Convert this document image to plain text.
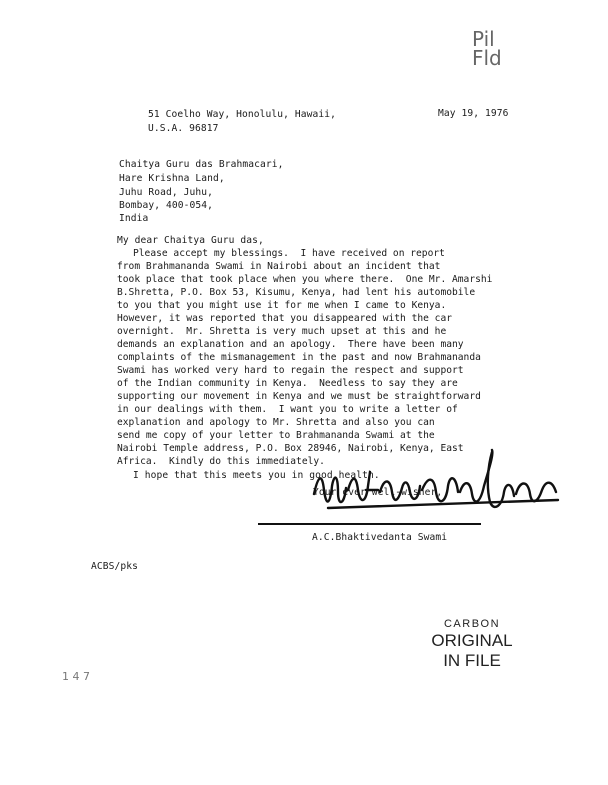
Pil
Fld
51 Coelho Way, Honolulu, Hawaii,
U.S.A. 96817
May 19, 1976
Chaitya Guru das Brahmacari,
Hare Krishna Land,
Juhu Road, Juhu,
Bombay, 400-054,
India
My dear Chaitya Guru das,
Please accept my blessings.  I have received on report
from Brahmananda Swami in Nairobi about an incident that
took place that took place when you where there.  One Mr. Amarshi
B.Shretta, P.O. Box 53, Kisumu, Kenya, had lent his automobile
to you that you might use it for me when I came to Kenya.
However, it was reported that you disappeared with the car
overnight.  Mr. Shretta is very much upset at this and he
demands an explanation and an apology.  There have been many
complaints of the mismanagement in the past and now Brahmananda
Swami has worked very hard to regain the respect and support
of the Indian community in Kenya.  Needless to say they are
supporting our movement in Kenya and we must be straightforward
in our dealings with them.  I want you to write a letter of
explanation and apology to Mr. Shretta and also you can
send me copy of your letter to Brahmananda Swami at the
Nairobi Temple address, P.O. Box 28946, Nairobi, Kenya, East
Africa.  Kindly do this immediately.
I hope that this meets you in good health.
Your ever well-wisher,
A.C.Bhaktivedanta Swami
ACBS/pks
CARBON
ORIGINAL
IN FILE
1 4 7
